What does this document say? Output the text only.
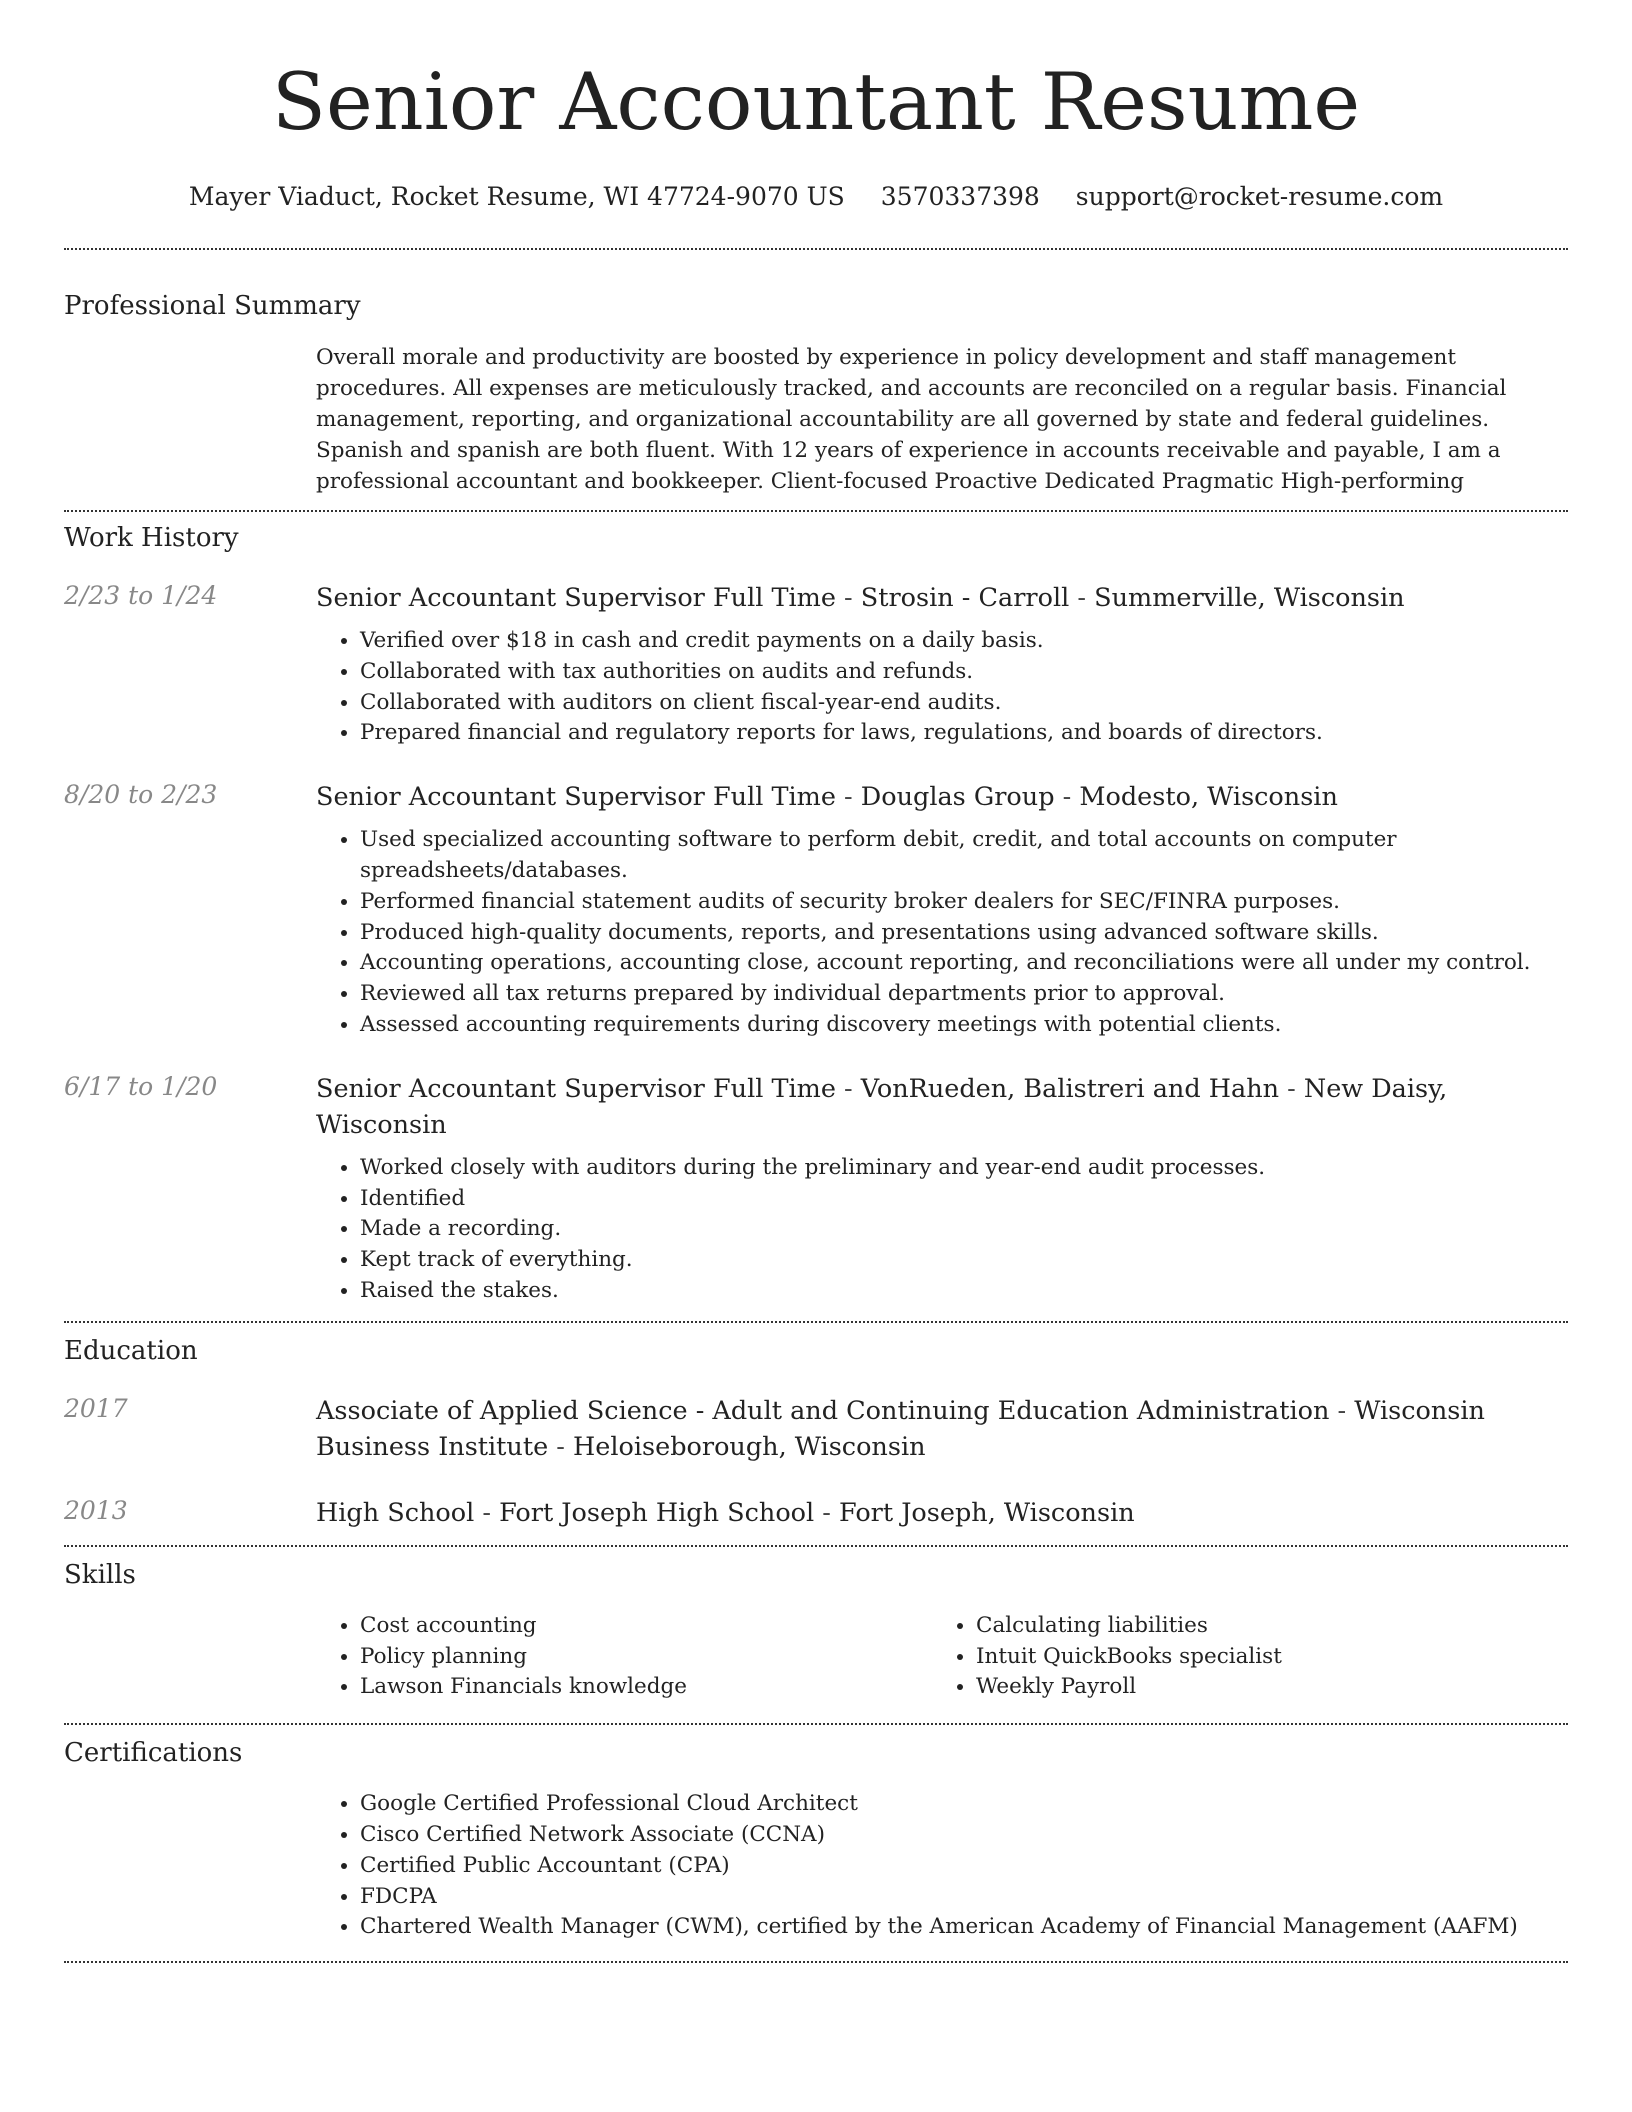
Senior Accountant Resume
Mayer Viaduct, Rocket Resume, WI 47724-9070 US 3570337398 support@rocket-resume.com
Professional Summary
Overall morale and productivity are boosted by experience in policy development and staff management procedures. All expenses are meticulously tracked, and accounts are reconciled on a regular basis. Financial management, reporting, and organizational accountability are all governed by state and federal guidelines. Spanish and spanish are both fluent. With 12 years of experience in accounts receivable and payable, I am a professional accountant and bookkeeper. Client-focused Proactive Dedicated Pragmatic High-performing
Work History
2/23 to 1/24	Senior Accountant Supervisor Full Time - Strosin - Carroll - Summerville, Wisconsin
• Verified over $18 in cash and credit payments on a daily basis.
• Collaborated with tax authorities on audits and refunds.
• Collaborated with auditors on client fiscal-year-end audits.
• Prepared financial and regulatory reports for laws, regulations, and boards of directors.
8/20 to 2/23	Senior Accountant Supervisor Full Time - Douglas Group - Modesto, Wisconsin
• Used specialized accounting software to perform debit, credit, and total accounts on computer spreadsheets/databases.
• Performed financial statement audits of security broker dealers for SEC/FINRA purposes.
• Produced high-quality documents, reports, and presentations using advanced software skills.
• Accounting operations, accounting close, account reporting, and reconciliations were all under my control.
• Reviewed all tax returns prepared by individual departments prior to approval.
• Assessed accounting requirements during discovery meetings with potential clients.
6/17 to 1/20	Senior Accountant Supervisor Full Time - VonRueden, Balistreri and Hahn - New Daisy, Wisconsin
• Worked closely with auditors during the preliminary and year-end audit processes.
• Identified
• Made a recording.
• Kept track of everything.
• Raised the stakes.
Education
2017	Associate of Applied Science - Adult and Continuing Education Administration - Wisconsin Business Institute - Heloiseborough, Wisconsin
2013	High School - Fort Joseph High School - Fort Joseph, Wisconsin
Skills
• Cost accounting
• Policy planning
• Lawson Financials knowledge
• Calculating liabilities
• Intuit QuickBooks specialist
• Weekly Payroll
Certifications
• Google Certified Professional Cloud Architect
• Cisco Certified Network Associate (CCNA)
• Certified Public Accountant (CPA)
• FDCPA
• Chartered Wealth Manager (CWM), certified by the American Academy of Financial Management (AAFM)
